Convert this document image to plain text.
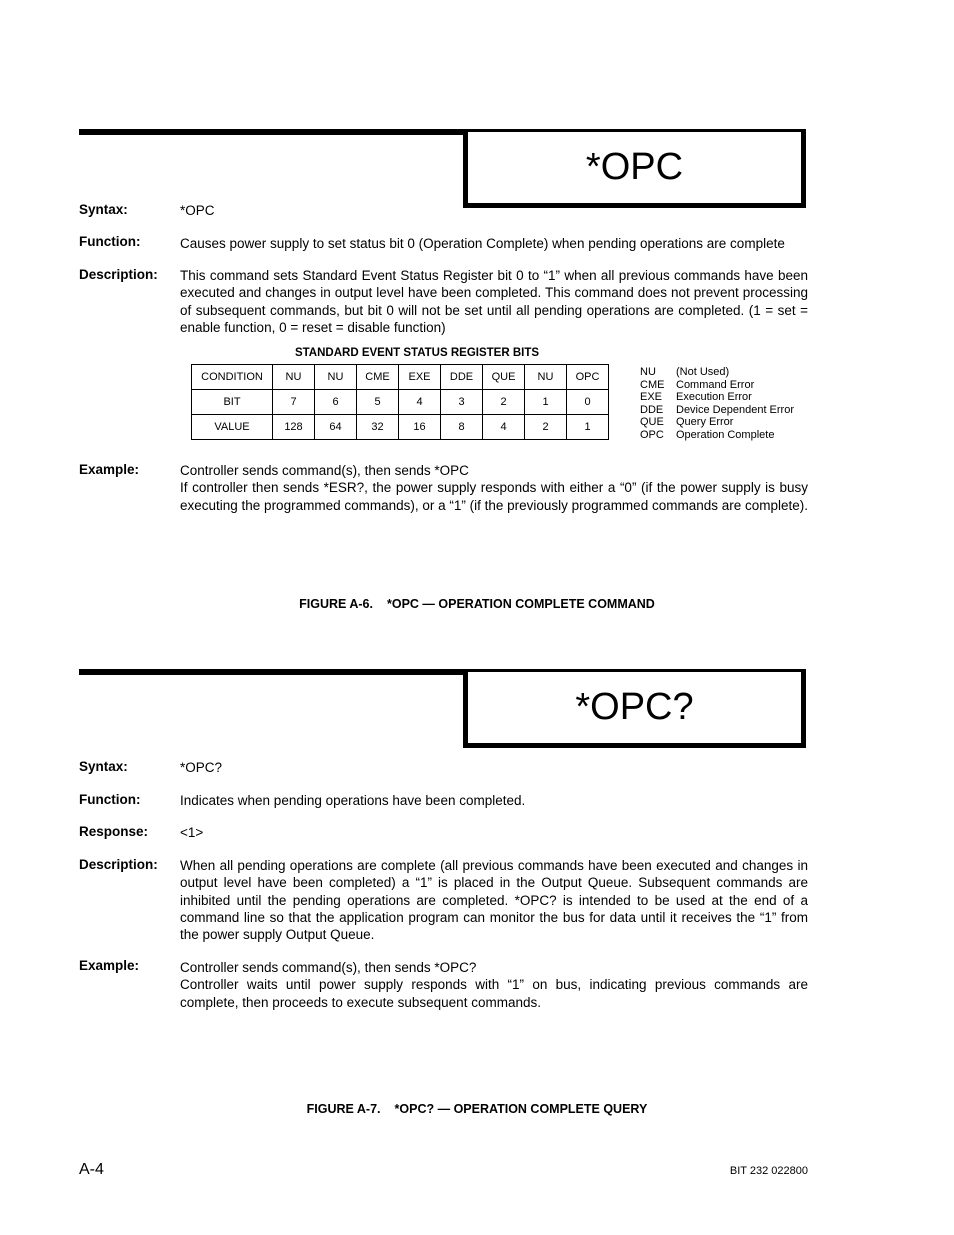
*OPC
Syntax:	*OPC
Function:	Causes power supply to set status bit 0 (Operation Complete) when pending operations are complete
Description: This command sets Standard Event Status Register bit 0 to “1” when all previous commands have been executed and changes in output level have been completed. This command does not prevent processing of subsequent commands, but bit 0 will not be set until all pending operations are completed. (1 = set = enable function, 0 = reset = disable function)
STANDARD EVENT STATUS REGISTER BITS
CONDITION	NU	NU	CME	EXE	DDE	QUE	NU	OPC
BIT	7	6	5	4	3	2	1	0
VALUE	128	64	32	16	8	4	2	1
NU	(Not Used)
CME	Command Error
EXE	Execution Error
DDE	Device Dependent Error
QUE	Query Error
OPC	Operation Complete
Example:	Controller sends command(s), then sends *OPC

If controller then sends *ESR?, the power supply responds with either a “0” (if the power supply is busy executing the programmed commands), or a “1” (if the previously programmed commands are complete).

FIGURE A-6. *OPC — OPERATION COMPLETE COMMAND
*OPC?
Syntax:	*OPC?
Function:	Indicates when pending operations have been completed.
Response: <1>
Description: When all pending operations are complete (all previous commands have been executed and changes in output level have been completed) a “1” is placed in the Output Queue. Subsequent commands are inhibited until the pending operations are completed. *OPC? is intended to be used at the end of a command line so that the application program can monitor the bus for data until it receives the “1” from the power supply Output Queue.
Example:	Controller sends command(s), then sends *OPC?

Controller waits until power supply responds with “1” on bus, indicating previous commands are complete, then proceeds to execute subsequent commands.

FIGURE A-7. *OPC? — OPERATION COMPLETE QUERY
A-4	BIT 232 022800
